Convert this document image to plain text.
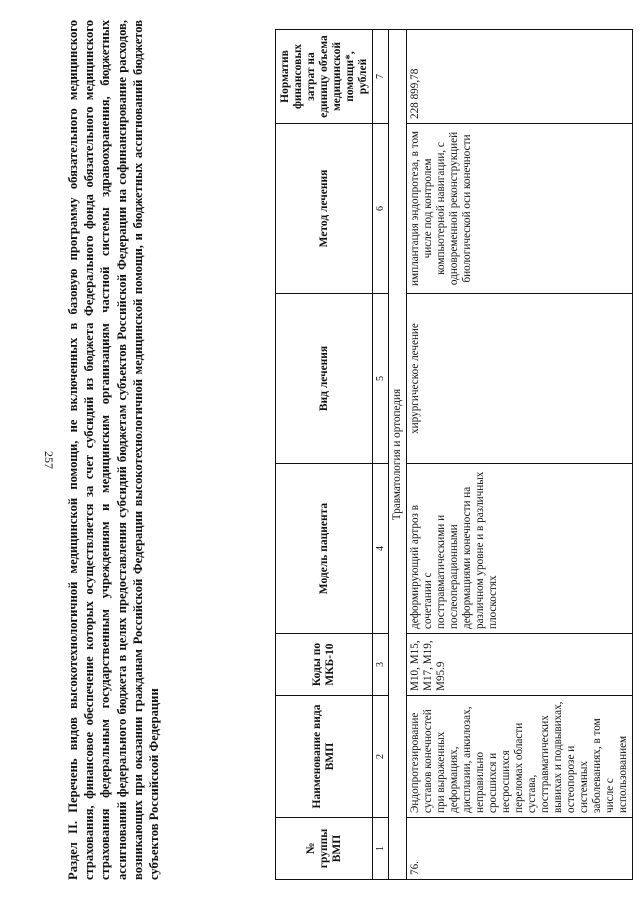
257 Раздел II. Перечень видов высокотехнологичной медицинской помощи, не включенных в базовую программу обязательного медицинского страхования, финансовое обеспечение которых осуществляется за счет субсидий из бюджета Федерального фонда обязательного медицинского страхования федеральным государственным учреждениям и медицинским организациям частной системы здравоохранения, бюджетных ассигнований федерального бюджета в целях предоставления субсидий бюджетам субъектов Российской Федерации на софинансирование расходов, возникающих при оказании гражданам Российской Федерации высокотехнологичной медицинской помощи, и бюджетных ассигнований бюджетов субъектов Российской Федерации	№ группы ВМП	Наименование вида ВМП	Коды по МКБ-10	Модель пациента	Вид лечения	Метод лечения	Норматив финансовых затрат на единицу объема медицинской помощи*, рублей
1	2	3	4	5	6	7
Травматология и ортопедия						
76.	Эндопротезирование суставов конечностей при выраженных деформациях, дисплазии, анкилозах, неправильно сросшихся и несросшихся переломах области сустава, посттравматических вывихах и подвывихах, остеопорозе и системных заболеваниях, в том числе с использованием	M10, M15, M17, M19, M95.9	деформирующий артроз в сочетании с посттравматическими и послеоперационными деформациями конечности на различном уровне и в различных плоскостях	хирургическое лечение	имплантация эндопротеза, в том числе под контролем компьютерной навигации, с одновременной реконструкцией биологической оси конечности	228 899,78
